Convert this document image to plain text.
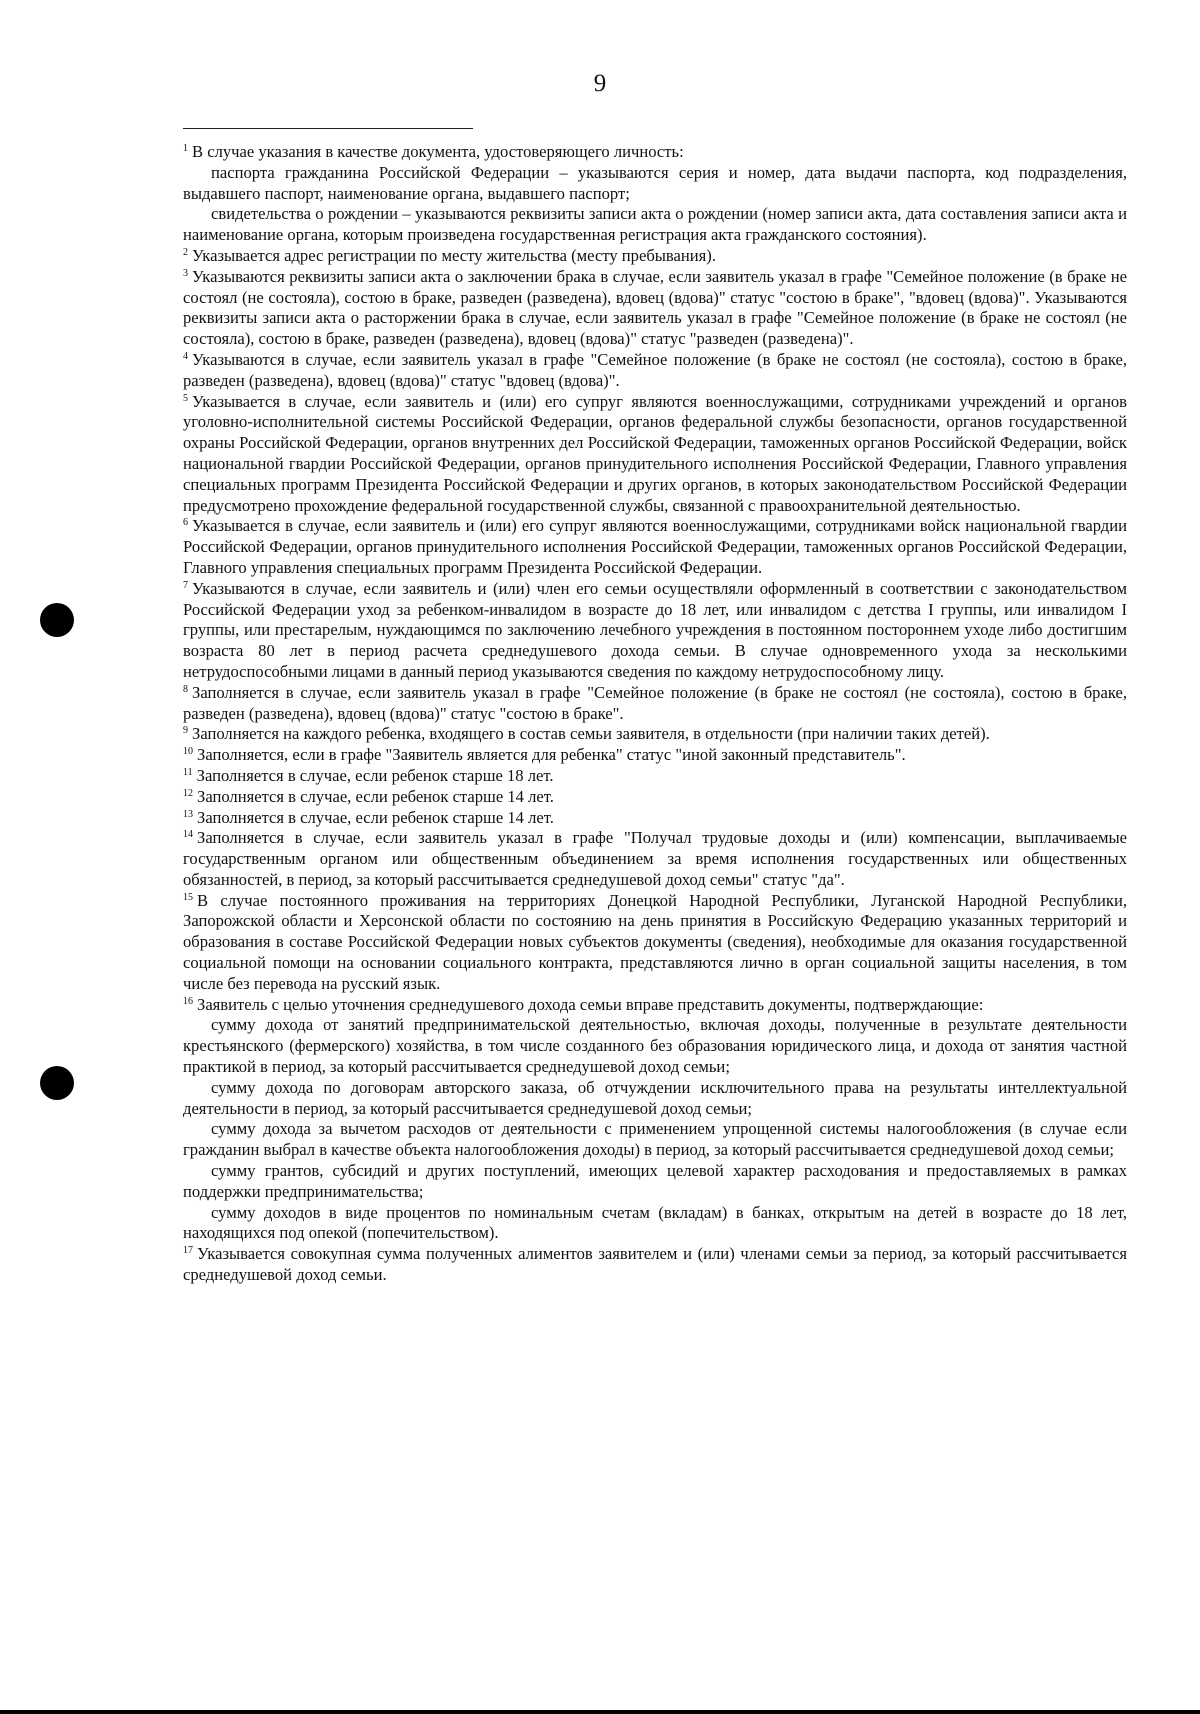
9

$^1$ В случае указания в качестве документа, удостоверяющего личность:

паспорта гражданина Российской Федерации – указываются серия и номер, дата выдачи паспорта, код подразделения, выдавшего паспорт, наименование органа, выдавшего паспорт;

свидетельства о рождении – указываются реквизиты записи акта о рождении (номер записи акта, дата составления записи акта и наименование органа, которым произведена государственная регистрация акта гражданского состояния).

$^2$ Указывается адрес регистрации по месту жительства (месту пребывания).

$^3$ Указываются реквизиты записи акта о заключении брака в случае, если заявитель указал в графе "Семейное положение (в браке не состоял (не состояла), состою в браке, разведен (разведена), вдовец (вдова)" статус "состою в браке", "вдовец (вдова)". Указываются реквизиты записи акта о расторжении брака в случае, если заявитель указал в графе "Семейное положение (в браке не состоял (не состояла), состою в браке, разведен (разведена), вдовец (вдова)" статус "разведен (разведена)".

$^4$ Указываются в случае, если заявитель указал в графе "Семейное положение (в браке не состоял (не состояла), состою в браке, разведен (разведена), вдовец (вдова)" статус "вдовец (вдова)".

$^5$ Указывается в случае, если заявитель и (или) его супруг являются военнослужащими, сотрудниками учреждений и органов уголовно-исполнительной системы Российской Федерации, органов федеральной службы безопасности, органов государственной охраны Российской Федерации, органов внутренних дел Российской Федерации, таможенных органов Российской Федерации, войск национальной гвардии Российской Федерации, органов принудительного исполнения Российской Федерации, Главного управления специальных программ Президента Российской Федерации и других органов, в которых законодательством Российской Федерации предусмотрено прохождение федеральной государственной службы, связанной с правоохранительной деятельностью.

$^6$ Указывается в случае, если заявитель и (или) его супруг являются военнослужащими, сотрудниками войск национальной гвардии Российской Федерации, органов принудительного исполнения Российской Федерации, таможенных органов Российской Федерации, Главного управления специальных программ Президента Российской Федерации.

$^7$ Указываются в случае, если заявитель и (или) член его семьи осуществляли оформленный в соответствии с законодательством Российской Федерации уход за ребенком-инвалидом в возрасте до 18 лет, или инвалидом с детства I группы, или инвалидом I группы, или престарелым, нуждающимся по заключению лечебного учреждения в постоянном постороннем уходе либо достигшим возраста 80 лет в период расчета среднедушевого дохода семьи. В случае одновременного ухода за несколькими нетрудоспособными лицами в данный период указываются сведения по каждому нетрудоспособному лицу.

$^8$ Заполняется в случае, если заявитель указал в графе "Семейное положение (в браке не состоял (не состояла), состою в браке, разведен (разведена), вдовец (вдова)" статус "состою в браке".

$^9$ Заполняется на каждого ребенка, входящего в состав семьи заявителя, в отдельности (при наличии таких детей).

$^{10}$ Заполняется, если в графе "Заявитель является для ребенка" статус "иной законный представитель".

$^{11}$ Заполняется в случае, если ребенок старше 18 лет.

$^{12}$ Заполняется в случае, если ребенок старше 14 лет.

$^{13}$ Заполняется в случае, если ребенок старше 14 лет.

$^{14}$ Заполняется в случае, если заявитель указал в графе "Получал трудовые доходы и (или) компенсации, выплачиваемые государственным органом или общественным объединением за время исполнения государственных или общественных обязанностей, в период, за который рассчитывается среднедушевой доход семьи" статус "да".

$^{15}$ В случае постоянного проживания на территориях Донецкой Народной Республики, Луганской Народной Республики, Запорожской области и Херсонской области по состоянию на день принятия в Российскую Федерацию указанных территорий и образования в составе Российской Федерации новых субъектов документы (сведения), необходимые для оказания государственной социальной помощи на основании социального контракта, представляются лично в орган социальной защиты населения, в том числе без перевода на русский язык.

$^{16}$ Заявитель с целью уточнения среднедушевого дохода семьи вправе представить документы, подтверждающие:

сумму дохода от занятий предпринимательской деятельностью, включая доходы, полученные в результате деятельности крестьянского (фермерского) хозяйства, в том числе созданного без образования юридического лица, и дохода от занятия частной практикой в период, за который рассчитывается среднедушевой доход семьи;

сумму дохода по договорам авторского заказа, об отчуждении исключительного права на результаты интеллектуальной деятельности в период, за который рассчитывается среднедушевой доход семьи;

сумму дохода за вычетом расходов от деятельности с применением упрощенной системы налогообложения (в случае если гражданин выбрал в качестве объекта налогообложения доходы) в период, за который рассчитывается среднедушевой доход семьи;

сумму грантов, субсидий и других поступлений, имеющих целевой характер расходования и предоставляемых в рамках поддержки предпринимательства;

сумму доходов в виде процентов по номинальным счетам (вкладам) в банках, открытым на детей в возрасте до 18 лет, находящихся под опекой (попечительством).

$^{17}$ Указывается совокупная сумма полученных алиментов заявителем и (или) членами семьи за период, за который рассчитывается среднедушевой доход семьи.
